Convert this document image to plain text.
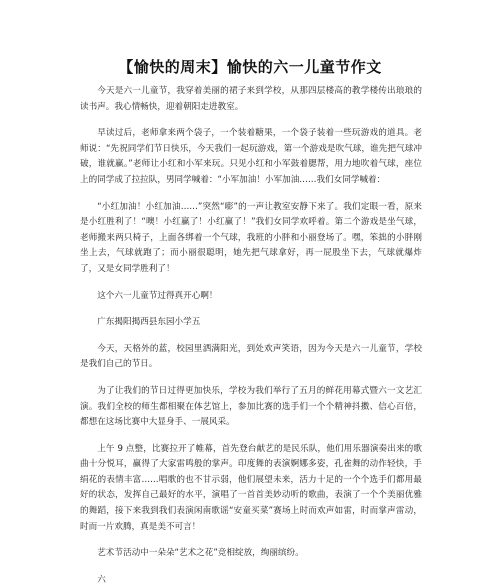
【愉快的周末】愉快的六一儿童节作文

今天是六一儿童节，我穿着美丽的裙子来到学校，从那四层楼高的教学楼传出琅琅的读书声。我心情畅快，迎着朝阳走进教室。

早读过后，老师拿来两个袋子，一个装着糖果，一个袋子装着一些玩游戏的道具。老师说：“先祝同学们节日快乐，今天我们一起玩游戏，第一个游戏是吹气球，谁先把气球冲破，谁就赢。”老师让小红和小军来玩。只见小红和小军鼓着腮帮，用力地吹着气球，座位上的同学成了拉拉队，男同学喊着：“小军加油！小军加油……我们女同学喊着：

“小红加油！小红加油……”突然“嘭”的一声让教室安静下来了。我们定眼一看，原来是小红胜利了！“噢！小红赢了！小红赢了！”我们女同学欢呼着。第二个游戏是坐气球，老师搬来两只椅子，上面各绑着一个气球，我班的小胖和小丽登场了。嘿，笨拙的小胖刚坐上去，气球就跑了；而小丽很聪明，她先把气球拿好，再一屁股坐下去，气球就爆炸了，又是女同学胜利了！

这个六一儿童节过得真开心啊！

广东揭阳揭西县东园小学五

今天，天格外的蓝，校园里洒满阳光，到处欢声笑语，因为今天是六一儿童节，学校是我们自己的节日。

为了让我们的节日过得更加快乐，学校为我们举行了五月的鲜花用幕式暨六一文艺汇演。我们全校的师生都相聚在体艺馆上，参加比赛的选手们一个个精神抖擞、信心百倍，都想在这场比赛中大显身手、一展风采。

上午 9 点整，比赛拉开了帷幕，首先登台献艺的是民乐队，他们用乐器演奏出来的歌曲十分悦耳，赢得了大家雷鸣般的掌声。印度舞的表演婀娜多姿，孔雀舞的动作轻快，手绢花的表情丰富……唱歌的也不甘示弱，他们展望未来，活力十足的一个个选手们都用最好的状态，发挥自己最好的水平，演唱了一首首美妙动听的歌曲，表演了一个个美丽优雅的舞蹈，接下来我到我们表演闲南歌谣“安童买菜”赛场上时而欢声如雷，时而掌声雷动，时而一片欢腾，真是美不可言！

艺术节活动中一朵朵“艺术之花”竞相绽放，绚丽缤纷。

六
